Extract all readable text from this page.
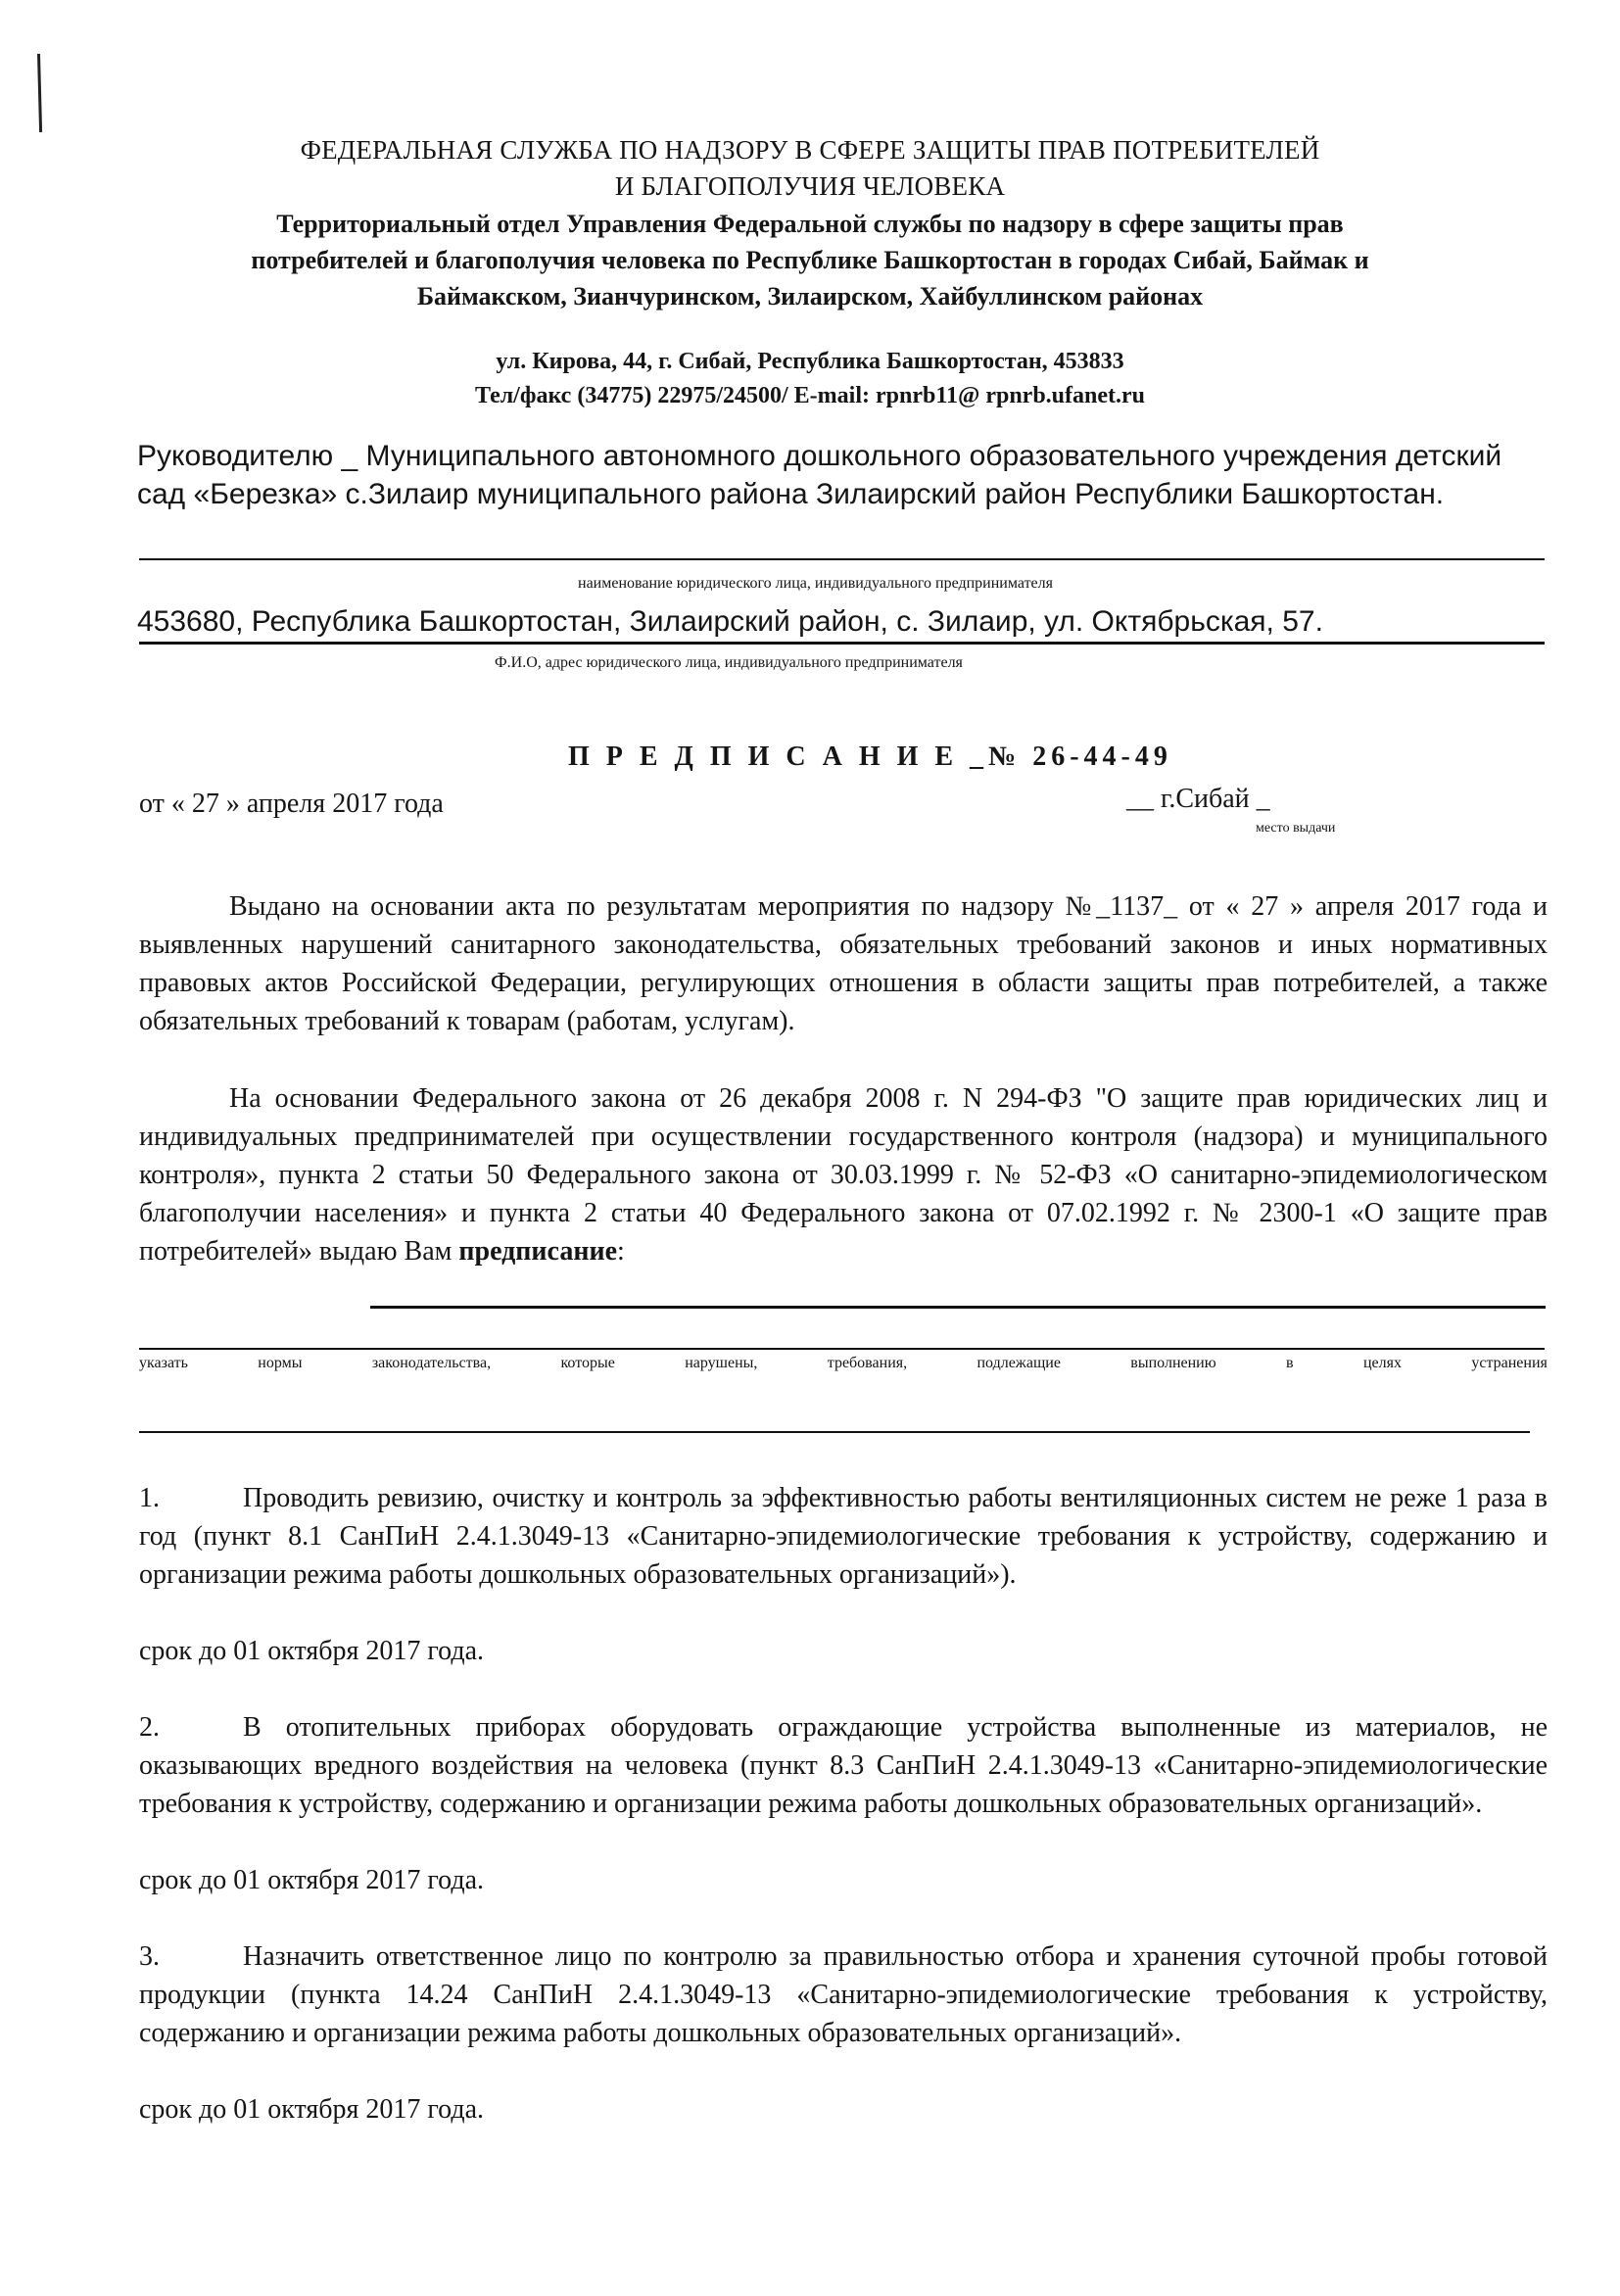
ФЕДЕРАЛЬНАЯ СЛУЖБА ПО НАДЗОРУ В СФЕРЕ ЗАЩИТЫ ПРАВ ПОТРЕБИТЕЛЕЙ
И БЛАГОПОЛУЧИЯ ЧЕЛОВЕКА
Территориальный отдел Управления Федеральной службы по надзору в сфере защиты прав
потребителей и благополучия человека по Республике Башкортостан в городах Сибай, Баймак и
Баймакском, Зианчуринском, Зилаирском, Хайбуллинском районах
ул. Кирова, 44, г. Сибай, Республика Башкортостан, 453833
Тел/факс (34775) 22975/24500/ E-mail: rpnrb11@ rpnrb.ufanet.ru
Руководителю _ Муниципального автономного дошкольного образовательного учреждения детский
сад «Березка» с.Зилаир муниципального района Зилаирский район Республики Башкортостан.
наименование юридического лица, индивидуального предпринимателя
453680, Республика Башкортостан, Зилаирский район, с. Зилаир, ул. Октябрьская, 57.
Ф.И.О, адрес юридического лица, индивидуального предпринимателя
П Р Е Д П И С А Н И Е _№ 26-44-49
от « 27 » апреля 2017 года	__ г.Сибай _
место выдачи
Выдано на основании акта по результатам мероприятия по надзору №_1137_ от « 27 » апреля 2017 года и выявленных нарушений санитарного законодательства, обязательных требований законов и иных нормативных правовых актов Российской Федерации, регулирующих отношения в области защиты прав потребителей, а также обязательных требований к товарам (работам, услугам).
На основании Федерального закона от 26 декабря 2008 г. N 294-ФЗ "О защите прав юридических лиц и индивидуальных предпринимателей при осуществлении государственного контроля (надзора) и муниципального контроля», пункта 2 статьи 50 Федерального закона от 30.03.1999 г. № 52-ФЗ «О санитарно-эпидемиологическом благополучии населения» и пункта 2 статьи 40 Федерального закона от 07.02.1992 г. № 2300-1 «О защите прав потребителей» выдаю Вам предписание:
указать	нормы	законодательства,	которые	нарушены,	требования,	подлежащие	выполнению	в	целях	устранения
1.	Проводить ревизию, очистку и контроль за эффективностью работы вентиляционных систем не реже 1 раза в год (пункт 8.1 СанПиН 2.4.1.3049-13 «Санитарно-эпидемиологические требования к устройству, содержанию и организации режима работы дошкольных образовательных организаций»).
срок до 01 октября 2017 года.
2.	В отопительных приборах оборудовать ограждающие устройства выполненные из материалов, не оказывающих вредного воздействия на человека (пункт 8.3 СанПиН 2.4.1.3049-13 «Санитарно-эпидемиологические требования к устройству, содержанию и организации режима работы дошкольных образовательных организаций».
срок до 01 октября 2017 года.
3.	Назначить ответственное лицо по контролю за правильностью отбора и хранения суточной пробы готовой продукции (пункта 14.24 СанПиН 2.4.1.3049-13 «Санитарно-эпидемиологические требования к устройству, содержанию и организации режима работы дошкольных образовательных организаций».
срок до 01 октября 2017 года.
